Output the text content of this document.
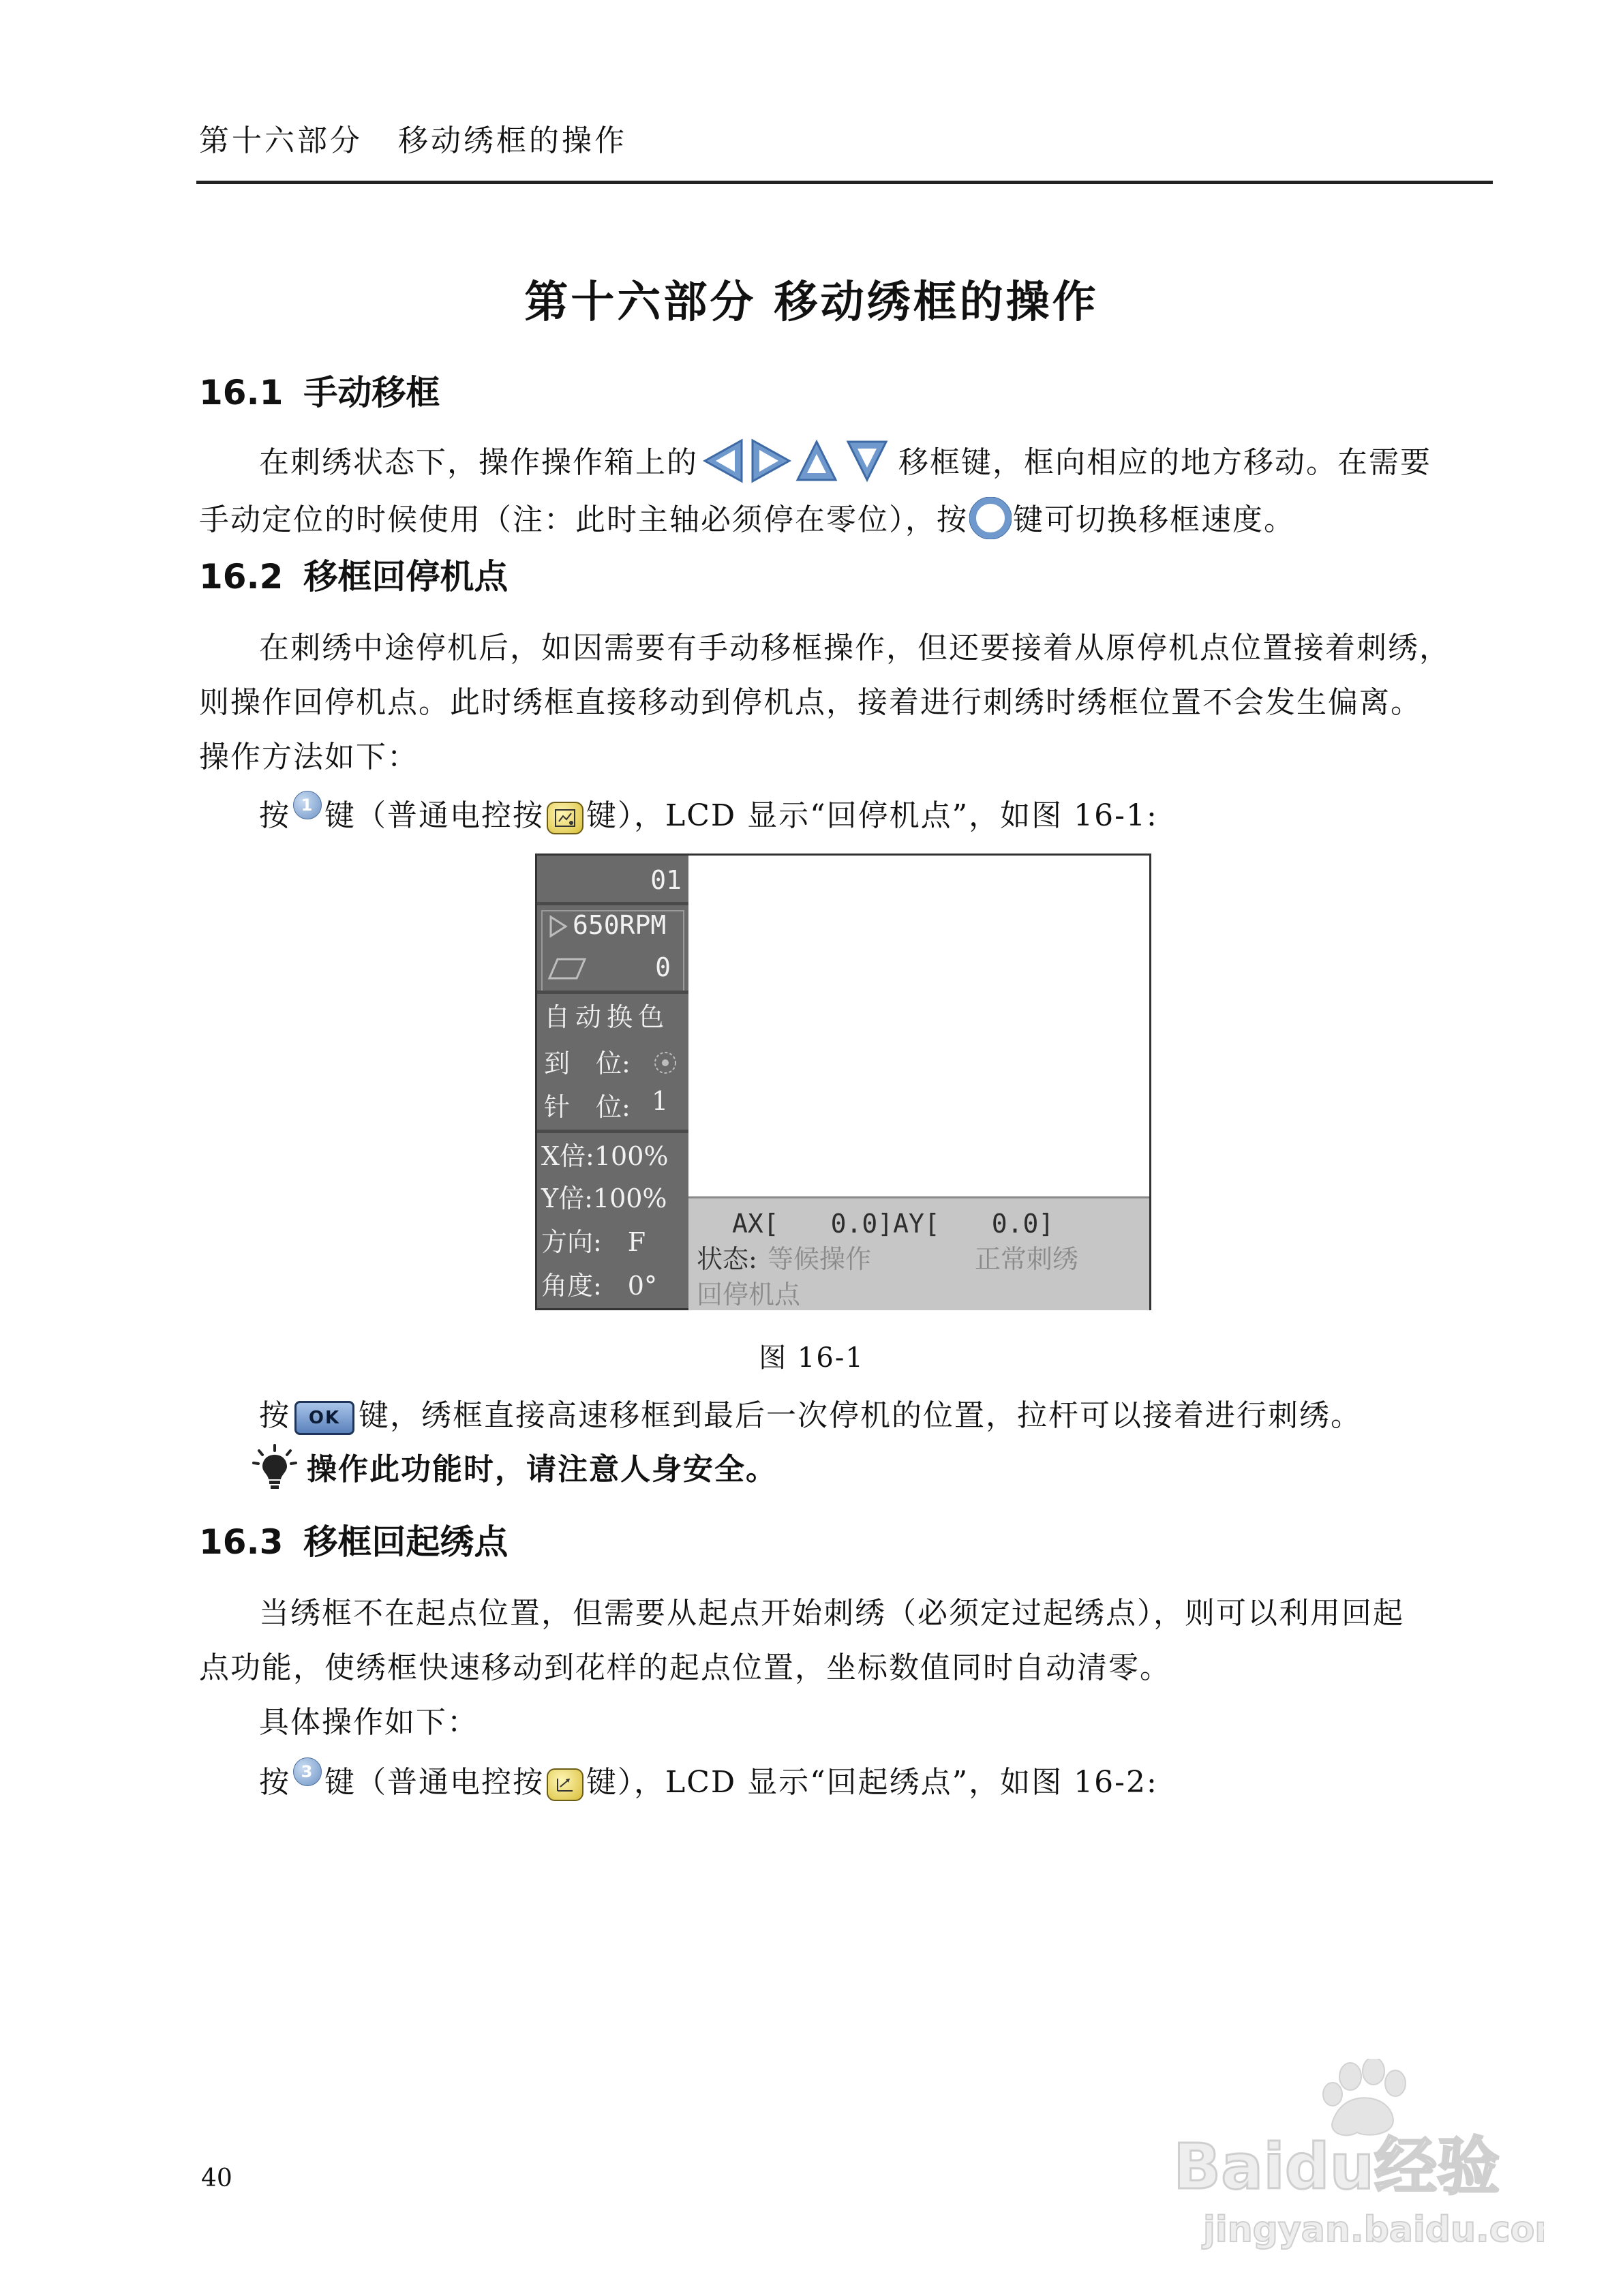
第十六部分 移动绣框的操作
第十六部分 移动绣框的操作
16.1 手动移框
在刺绣状态下，操作操作箱上的	移框键，框向相应的地方移动。在需要
手动定位的时候使用（注：此时主轴必须停在零位），按 键可切换移框速度。
16.2 移框回停机点
在刺绣中途停机后，如因需要有手动移框操作，但还要接着从原停机点位置接着刺绣，
则操作回停机点。此时绣框直接移动到停机点，接着进行刺绣时绣框位置不会发生偏离。
操作方法如下：
按 1 键（普通电控按 键），LCD 显示“回停机点”，如图 16-1:
01
650RPM
0
自动换色
到　位:
针　位: 1
X倍:100%
Y倍:100%
方向:　F
角度:　0°
AX[　　0.0]AY[　　0.0]
状态: 等候操作	正常刺绣
回停机点
图 16-1
按 OK 键，绣框直接高速移框到最后一次停机的位置，拉杆可以接着进行刺绣。
操作此功能时，请注意人身安全。
16.3 移框回起绣点
当绣框不在起点位置，但需要从起点开始刺绣（必须定过起绣点），则可以利用回起
点功能，使绣框快速移动到花样的起点位置，坐标数值同时自动清零。
具体操作如下：
按 3 键（普通电控按 键），LCD 显示“回起绣点”，如图 16-2:
40	Baidu经验
jingyan.baidu.com
